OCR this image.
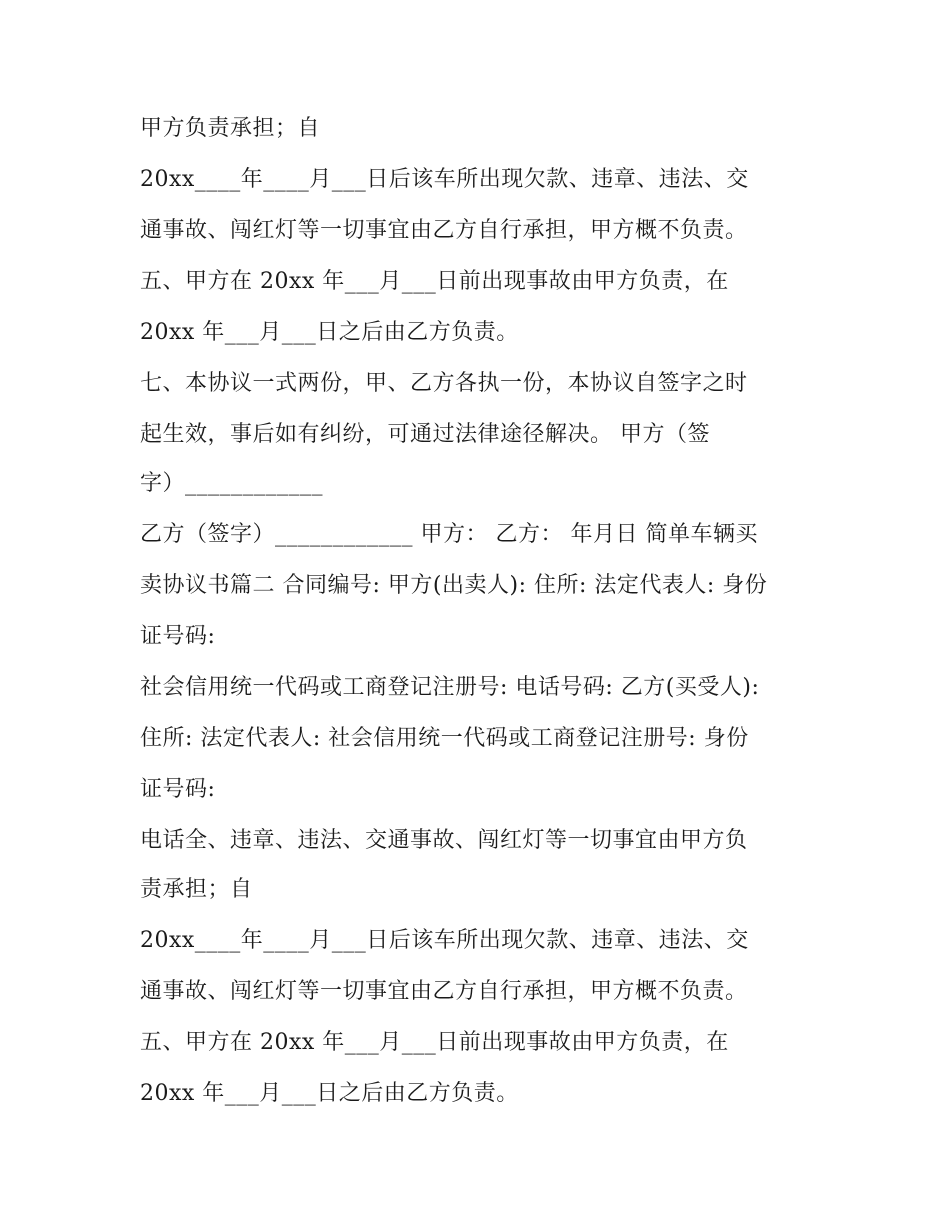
甲方负责承担；自
20xx____年____月___日后该车所出现欠款、违章、违法、交
通事故、闯红灯等一切事宜由乙方自行承担，甲方概不负责。
五、甲方在 20xx 年___月___日前出现事故由甲方负责，在
20xx 年___月___日之后由乙方负责。
七、本协议一式两份，甲、乙方各执一份，本协议自签字之时
起生效，事后如有纠纷，可通过法律途径解决。 甲方（签
字）____________
乙方（签字）____________ 甲方： 乙方： 年月日 简单车辆买
卖协议书篇二 合同编号: 甲方(出卖人): 住所: 法定代表人: 身份
证号码:
社会信用统一代码或工商登记注册号: 电话号码: 乙方(买受人):
住所: 法定代表人: 社会信用统一代码或工商登记注册号: 身份
证号码:
电话全、违章、违法、交通事故、闯红灯等一切事宜由甲方负
责承担；自
20xx____年____月___日后该车所出现欠款、违章、违法、交
通事故、闯红灯等一切事宜由乙方自行承担，甲方概不负责。
五、甲方在 20xx 年___月___日前出现事故由甲方负责，在
20xx 年___月___日之后由乙方负责。
